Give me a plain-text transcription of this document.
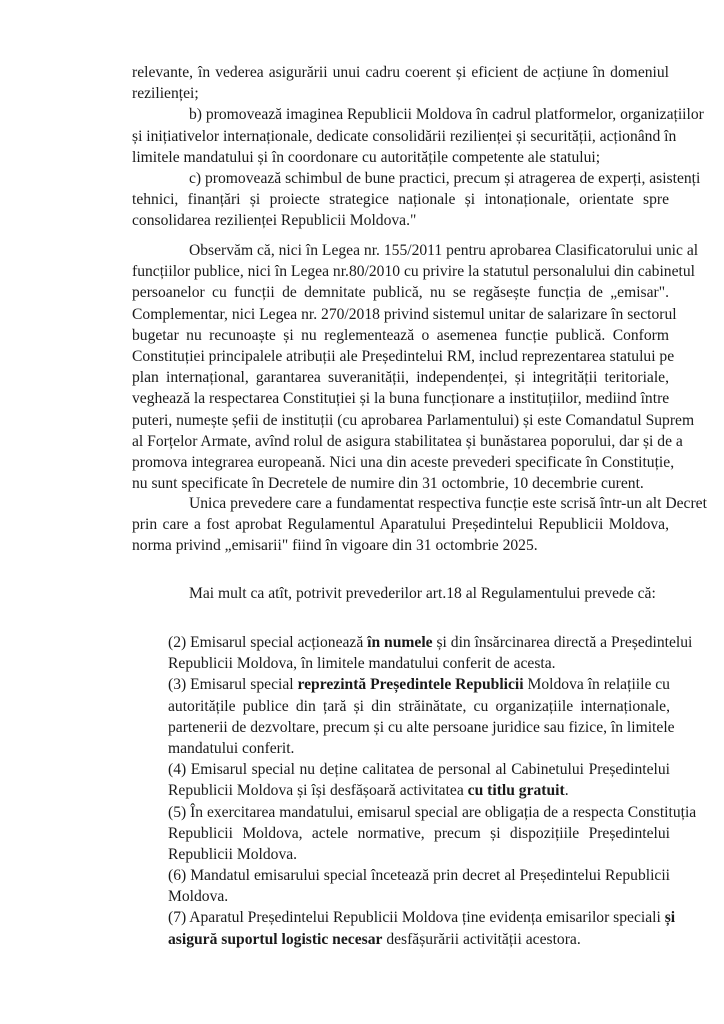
relevante, în vederea asigurării unui cadru coerent și eficient de acțiune în domeniul
rezilienței;
b) promovează imaginea Republicii Moldova în cadrul platformelor, organizațiilor
și inițiativelor internaționale, dedicate consolidării rezilienței și securității, acționând în
limitele mandatului și în coordonare cu autoritățile competente ale statului;
c) promovează schimbul de bune practici, precum și atragerea de experți, asistenți
tehnici, finanțări și proiecte strategice naționale și intonaționale, orientate spre
consolidarea rezilienței Republicii Moldova."
Observăm că, nici în Legea nr. 155/2011 pentru aprobarea Clasificatorului unic al
funcțiilor publice, nici în Legea nr.80/2010 cu privire la statutul personalului din cabinetul
persoanelor cu funcții de demnitate publică, nu se regăsește funcția de „emisar".
Complementar, nici Legea nr. 270/2018 privind sistemul unitar de salarizare în sectorul
bugetar nu recunoaște și nu reglementează o asemenea funcție publică. Conform
Constituției principalele atribuții ale Președintelui RM, includ reprezentarea statului pe
plan internațional, garantarea suveranității, independenței, și integrității teritoriale,
veghează la respectarea Constituției și la buna funcționare a instituțiilor, mediind între
puteri, numește șefii de instituții (cu aprobarea Parlamentului) și este Comandatul Suprem
al Forțelor Armate, avînd rolul de asigura stabilitatea și bunăstarea poporului, dar și de a
promova integrarea europeană. Nici una din aceste prevederi specificate în Constituție,
nu sunt specificate în Decretele de numire din 31 octombrie, 10 decembrie curent.
Unica prevedere care a fundamentat respectiva funcție este scrisă într-un alt Decret
prin care a fost aprobat Regulamentul Aparatului Președintelui Republicii Moldova,
norma privind „emisarii" fiind în vigoare din 31 octombrie 2025.
Mai mult ca atît, potrivit prevederilor art.18 al Regulamentului prevede că:
(2) Emisarul special acționează în numele și din însărcinarea directă a Președintelui
Republicii Moldova, în limitele mandatului conferit de acesta.
(3) Emisarul special reprezintă Președintele Republicii Moldova în relațiile cu
autoritățile publice din țară și din străinătate, cu organizațiile internaționale,
partenerii de dezvoltare, precum și cu alte persoane juridice sau fizice, în limitele
mandatului conferit.
(4) Emisarul special nu deține calitatea de personal al Cabinetului Președintelui
Republicii Moldova și își desfășoară activitatea cu titlu gratuit.
(5) În exercitarea mandatului, emisarul special are obligația de a respecta Constituția
Republicii Moldova, actele normative, precum și dispozițiile Președintelui
Republicii Moldova.
(6) Mandatul emisarului special încetează prin decret al Președintelui Republicii
Moldova.
(7) Aparatul Președintelui Republicii Moldova ține evidența emisarilor speciali și
asigură suportul logistic necesar desfășurării activității acestora.
